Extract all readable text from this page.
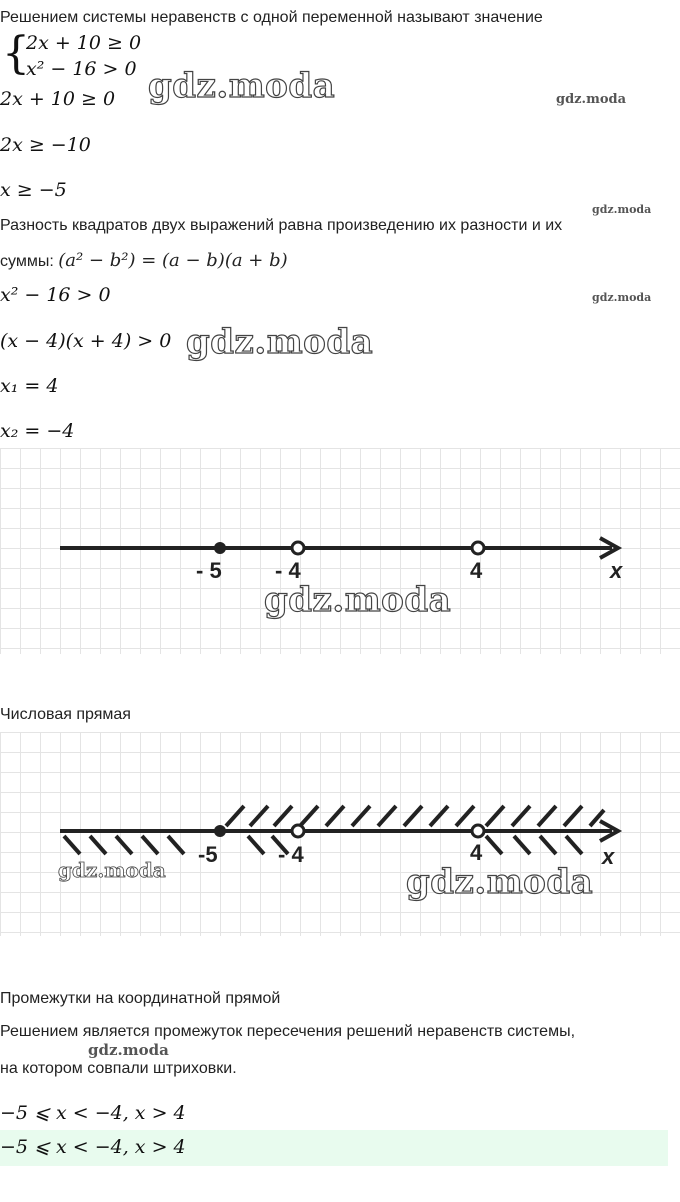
Решением системы неравенств с одной переменной называют значение
{
2x + 10 ≥ 0
x² − 16 > 0
2x + 10 ≥ 0
2x ≥ −10
x ≥ −5
Разность квадратов двух выражений равна произведению их разности и их
суммы: (a² − b²) = (a − b)(a + b)
x² − 16 > 0
(x − 4)(x + 4) > 0
x₁ = 4
x₂ = −4
- 5 - 4	4	x
Числовая прямая
-5	- 4	4	x
Промежутки на координатной прямой
Решением является промежуток пересечения решений неравенств системы,
на котором совпали штриховки.
−5 ⩽ x < −4, x > 4
−5 ⩽ x < −4, x > 4
gdz.moda	gdz.moda
gdz.moda
gdz.moda
gdz.moda
gdz.moda
gdz.moda	gdz.moda
gdz.moda
